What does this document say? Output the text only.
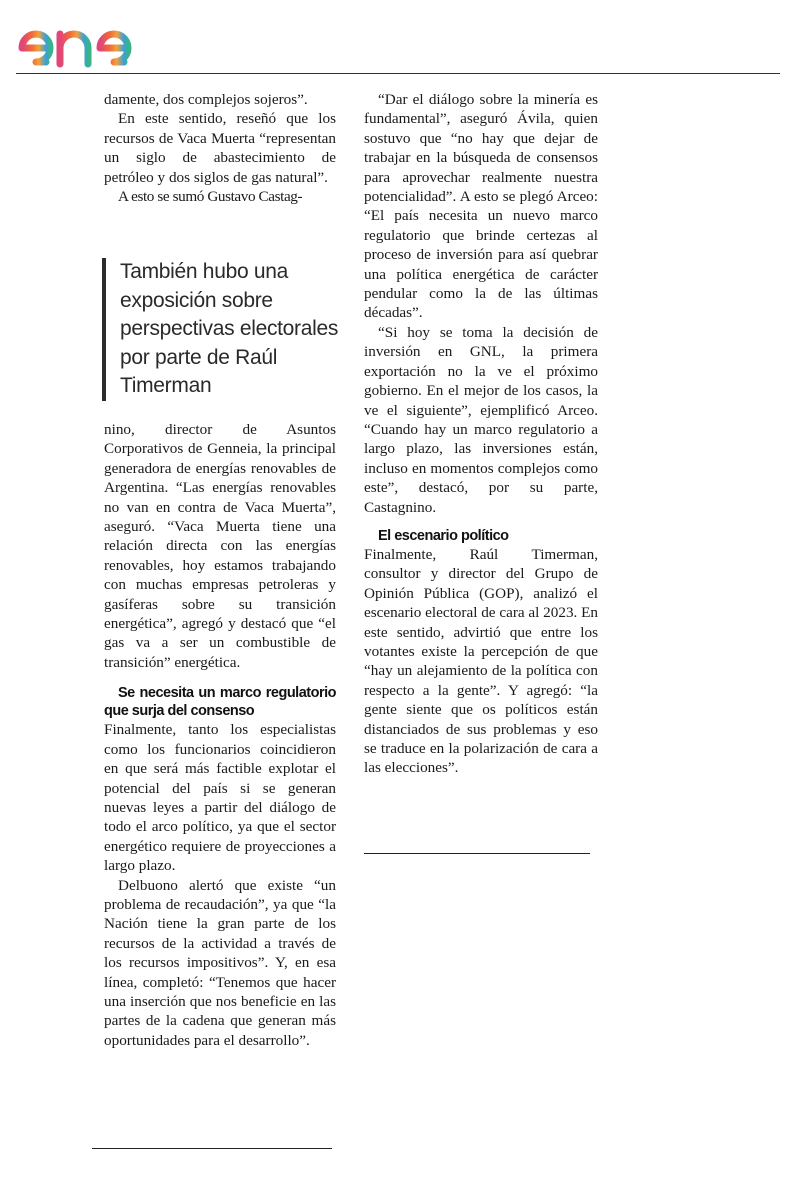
damente, dos complejos sojeros”.

En este sentido, reseñó que los recursos de Vaca Muerta “representan un siglo de abastecimiento de petróleo y dos siglos de gas natural”.

A esto se sumó Gustavo Castag-

También hubo una exposición sobre perspectivas electorales por parte de Raúl Timerman

nino, director de Asuntos Corporativos de Genneia, la principal generadora de energías renovables de Argentina. “Las energías renovables no van en contra de Vaca Muerta”, aseguró. “Vaca Muerta tiene una relación directa con las energías renovables, hoy estamos trabajando con muchas empresas petroleras y gasíferas sobre su transición energética”, agregó y destacó que “el gas va a ser un combustible de transición” energética.

Se necesita un marco regulatorio que surja del consenso

Finalmente, tanto los especialistas como los funcionarios coincidieron en que será más factible explotar el potencial del país si se generan nuevas leyes a partir del diálogo de todo el arco político, ya que el sector energético requiere de proyecciones a largo plazo.

Delbuono alertó que existe “un problema de recaudación”, ya que “la Nación tiene la gran parte de los recursos de la actividad a través de los recursos impositivos”. Y, en esa línea, completó: “Tenemos que hacer una inserción que nos beneficie en las partes de la cadena que generan más oportunidades para el desarrollo”.

“Dar el diálogo sobre la minería es fundamental”, aseguró Ávila, quien sostuvo que “no hay que dejar de trabajar en la búsqueda de consensos para aprovechar realmente nuestra potencialidad”. A esto se plegó Arceo: “El país necesita un nuevo marco regulatorio que brinde certezas al proceso de inversión para así quebrar una política energética de carácter pendular como la de las últimas décadas”.

“Si hoy se toma la decisión de inversión en GNL, la primera exportación no la ve el próximo gobierno. En el mejor de los casos, la ve el siguiente”, ejemplificó Arceo. “Cuando hay un marco regulatorio a largo plazo, las inversiones están, incluso en momentos complejos como este”, destacó, por su parte, Castagnino.

El escenario político

Finalmente, Raúl Timerman, consultor y director del Grupo de Opinión Pública (GOP), analizó el escenario electoral de cara al 2023. En este sentido, advirtió que entre los votantes existe la percepción de que “hay un alejamiento de la política con respecto a la gente”. Y agregó: “la gente siente que os políticos están distanciados de sus problemas y eso se traduce en la polarización de cara a las elecciones”.
